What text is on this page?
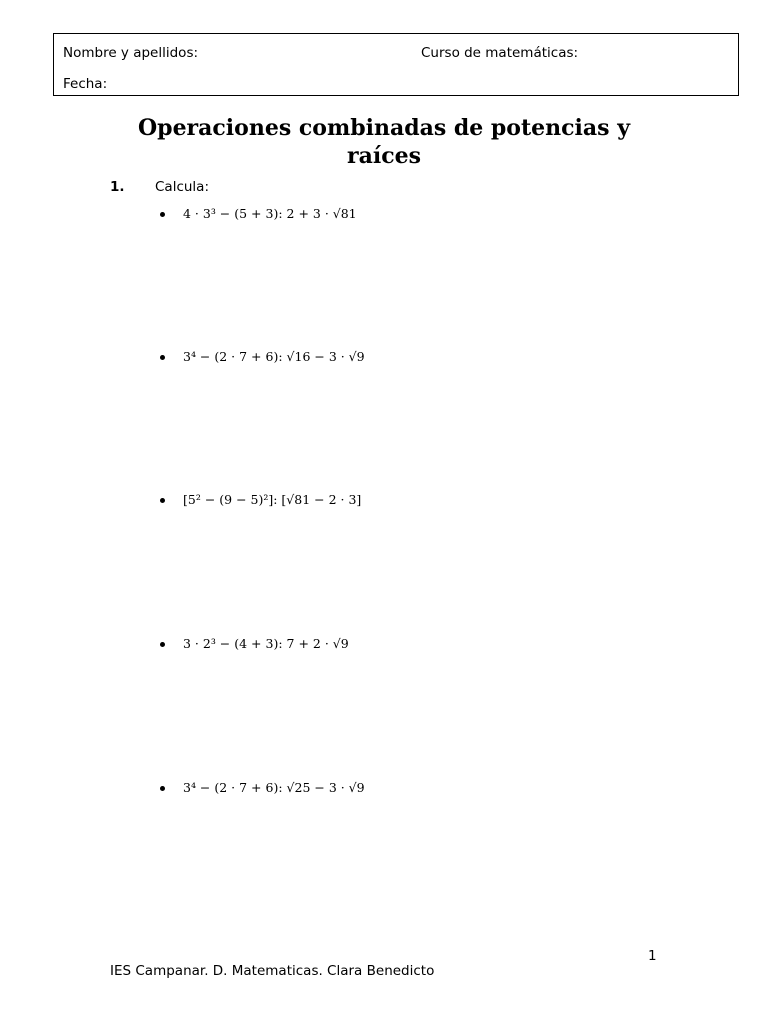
Nombre y apellidos:	Curso de matemáticas:
Fecha:
Operaciones combinadas de potencias y raíces
1. Calcula:
4 · 3³ − (5 + 3): 2 + 3 · √81
3⁴ − (2 · 7 + 6): √16 − 3 · √9
[5² − (9 − 5)²]: [√81 − 2 · 3]
3 · 2³ − (4 + 3): 7 + 2 · √9
3⁴ − (2 · 7 + 6): √25 − 3 · √9
1
IES Campanar. D. Matematicas. Clara Benedicto
